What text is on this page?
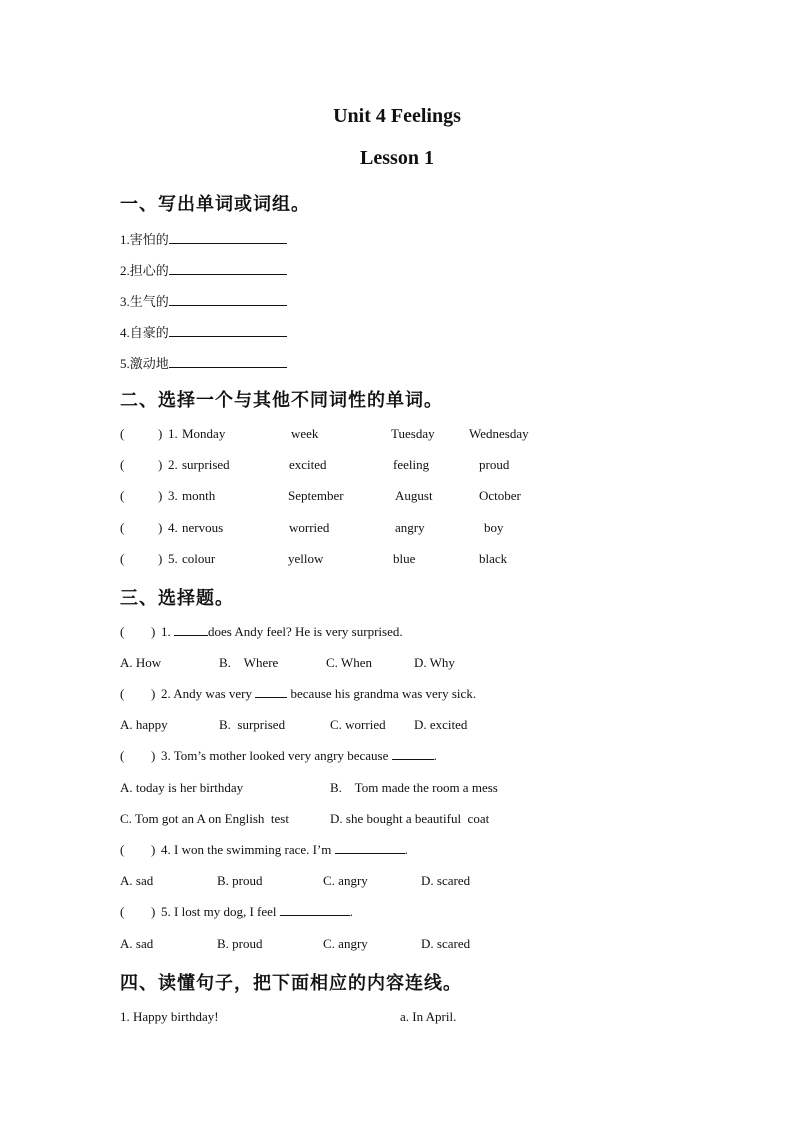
Unit 4 Feelings
Lesson 1
一、写出单词或词组。
1.害怕的
2.担心的
3.生气的
4.自豪的
5.激动地
二、选择一个与其他不同词性的单词。
(	) 1. Monday	week	Tuesday	Wednesday
(	) 2. surprised	excited	feeling	proud
(	) 3. month	September	August	October
(	) 4. nervous	worried	angry	boy
(	) 5. colour	yellow	blue	black
三、选择题。
( ) 1.	does Andy feel? He is very surprised.
A. How	B.    Where	C. When	D. Why
( ) 2. Andy was very	because his grandma was very sick.
A. happy	B.  surprised	C. worried D. excited
( ) 3. Tom’s mother looked very angry because	.
A. today is her birthday	B.    Tom made the room a mess
C. Tom got an A on English  test	D. she bought a beautiful  coat
( ) 4. I won the swimming race. I’m	.
A. sad	B. proud	C. angry	D. scared
( ) 5. I lost my dog, I feel	.
A. sad	B. proud	C. angry	D. scared
四、读懂句子，把下面相应的内容连线。
1. Happy birthday!	a. In April.
